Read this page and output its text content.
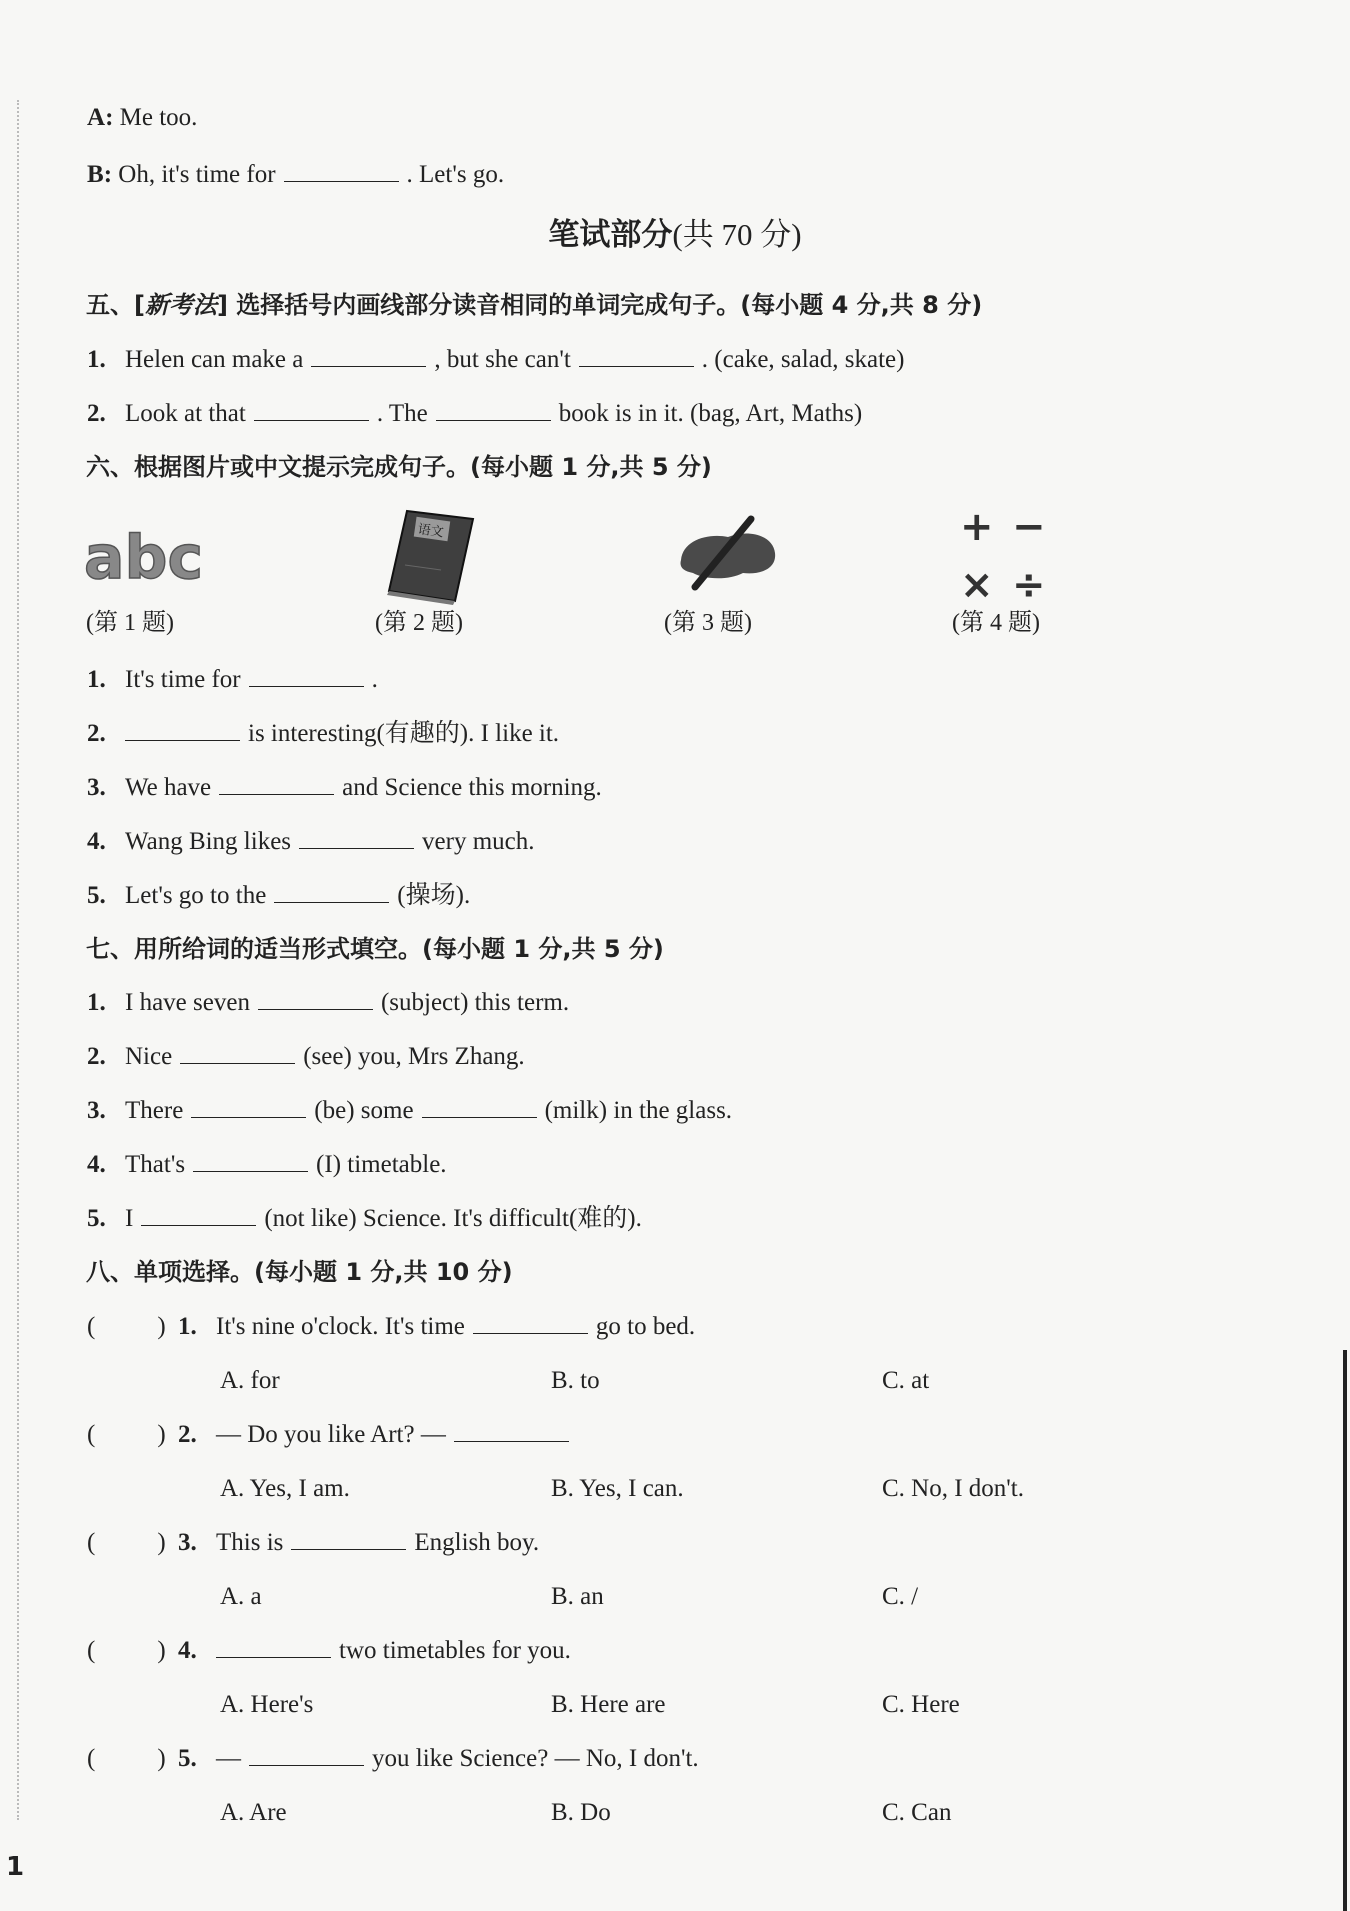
A: Me too.
B: Oh, it's time for	. Let's go.
笔试部分(共 70 分)
五、[新考法] 选择括号内画线部分读音相同的单词完成句子。(每小题 4 分,共 8 分)
1. Helen can make a	, but she can't	. (cake, salad, skate)
2. Look at that	. The	book is in it. (bag, Art, Maths)
六、根据图片或中文提示完成句子。(每小题 1 分,共 5 分)
abc	语文	+ −
× ÷
(第 1 题)	(第 2 题)	(第 3 题)	(第 4 题)
1. It's time for	.
2.	is interesting(有趣的). I like it.
3. We have	and Science this morning.
4. Wang Bing likes	very much.
5. Let's go to the	(操场).
七、用所给词的适当形式填空。(每小题 1 分,共 5 分)
1. I have seven	(subject) this term.
2. Nice	(see) you, Mrs Zhang.
3. There	(be) some	(milk) in the glass.
4. That's	(I) timetable.
5. I	(not like) Science. It's difficult(难的).
八、单项选择。(每小题 1 分,共 10 分)
( ) 1. It's nine o'clock. It's time	go to bed.
A. for	B. to	C. at
( ) 2. — Do you like Art? —
A. Yes, I am.	B. Yes, I can.	C. No, I don't.
( ) 3. This is	English boy.
A. a	B. an	C. /
( ) 4.	two timetables for you.
A. Here's	B. Here are	C. Here
( ) 5. —	you like Science? — No, I don't.
A. Are	B. Do	C. Can
1
